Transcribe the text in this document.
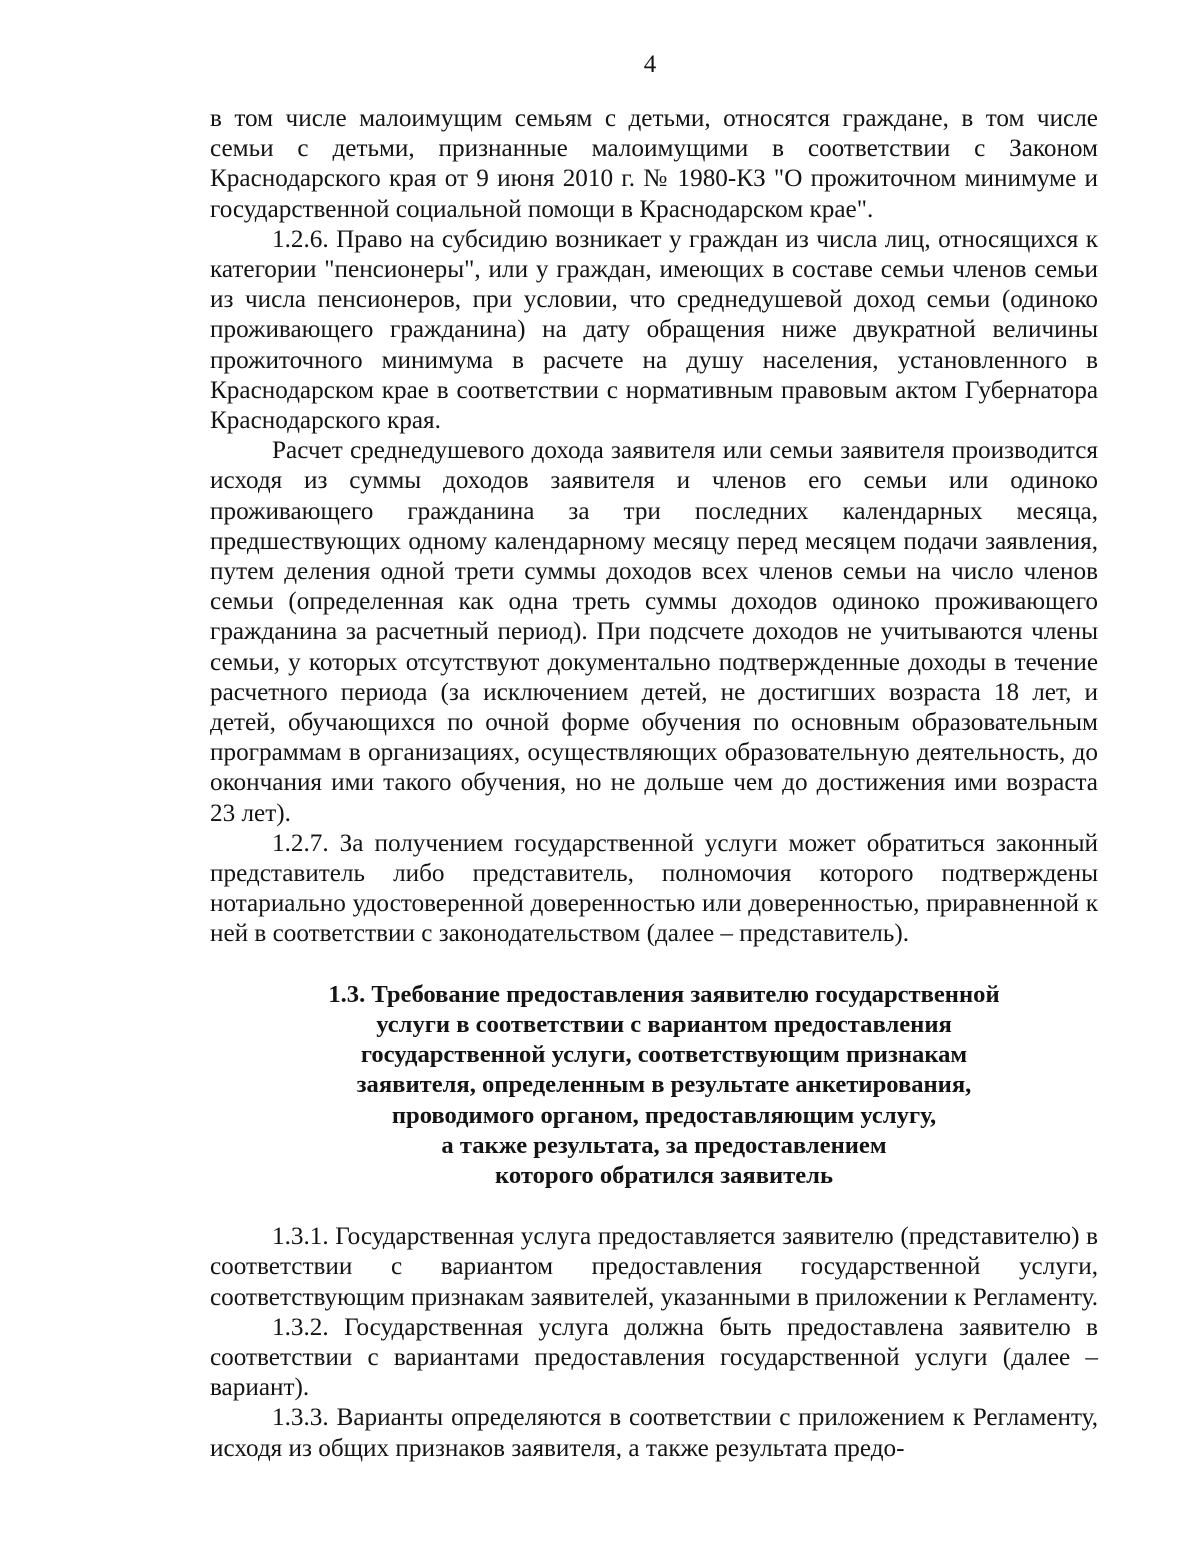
4

в том числе малоимущим семьям с детьми, относятся граждане, в том числе семьи с детьми, признанные малоимущими в соответствии с Законом Краснодарского края от 9 июня 2010 г. № 1980-КЗ "О прожиточном минимуме и государственной социальной помощи в Краснодарском крае".

1.2.6. Право на субсидию возникает у граждан из числа лиц, относящихся к категории "пенсионеры", или у граждан, имеющих в составе семьи членов семьи из числа пенсионеров, при условии, что среднедушевой доход семьи (одиноко проживающего гражданина) на дату обращения ниже двукратной величины прожиточного минимума в расчете на душу населения, установленного в Краснодарском крае в соответствии с нормативным правовым актом Губернатора Краснодарского края.

Расчет среднедушевого дохода заявителя или семьи заявителя производится исходя из суммы доходов заявителя и членов его семьи или одиноко проживающего гражданина за три последних календарных месяца, предшествующих одному календарному месяцу перед месяцем подачи заявления, путем деления одной трети суммы доходов всех членов семьи на число членов семьи (определенная как одна треть суммы доходов одиноко проживающего гражданина за расчетный период). При подсчете доходов не учитываются члены семьи, у которых отсутствуют документально подтвержденные доходы в течение расчетного периода (за исключением детей, не достигших возраста 18 лет, и детей, обучающихся по очной форме обучения по основным образовательным программам в организациях, осуществляющих образовательную деятельность, до окончания ими такого обучения, но не дольше чем до достижения ими возраста 23 лет).

1.2.7. За получением государственной услуги может обратиться законный представитель либо представитель, полномочия которого подтверждены нотариально удостоверенной доверенностью или доверенностью, приравненной к ней в соответствии с законодательством (далее – представитель).

1.3. Требование предоставления заявителю государственной
услуги в соответствии с вариантом предоставления
государственной услуги, соответствующим признакам
заявителя, определенным в результате анкетирования,
проводимого органом, предоставляющим услугу,
а также результата, за предоставлением
которого обратился заявитель

1.3.1. Государственная услуга предоставляется заявителю (представителю) в соответствии с вариантом предоставления государственной услуги, соответствующим признакам заявителей, указанными в приложении к Регламенту.

1.3.2. Государственная услуга должна быть предоставлена заявителю в соответствии с вариантами предоставления государственной услуги (далее – вариант).

1.3.3. Варианты определяются в соответствии с приложением к Регламенту, исходя из общих признаков заявителя, а также результата предо-
